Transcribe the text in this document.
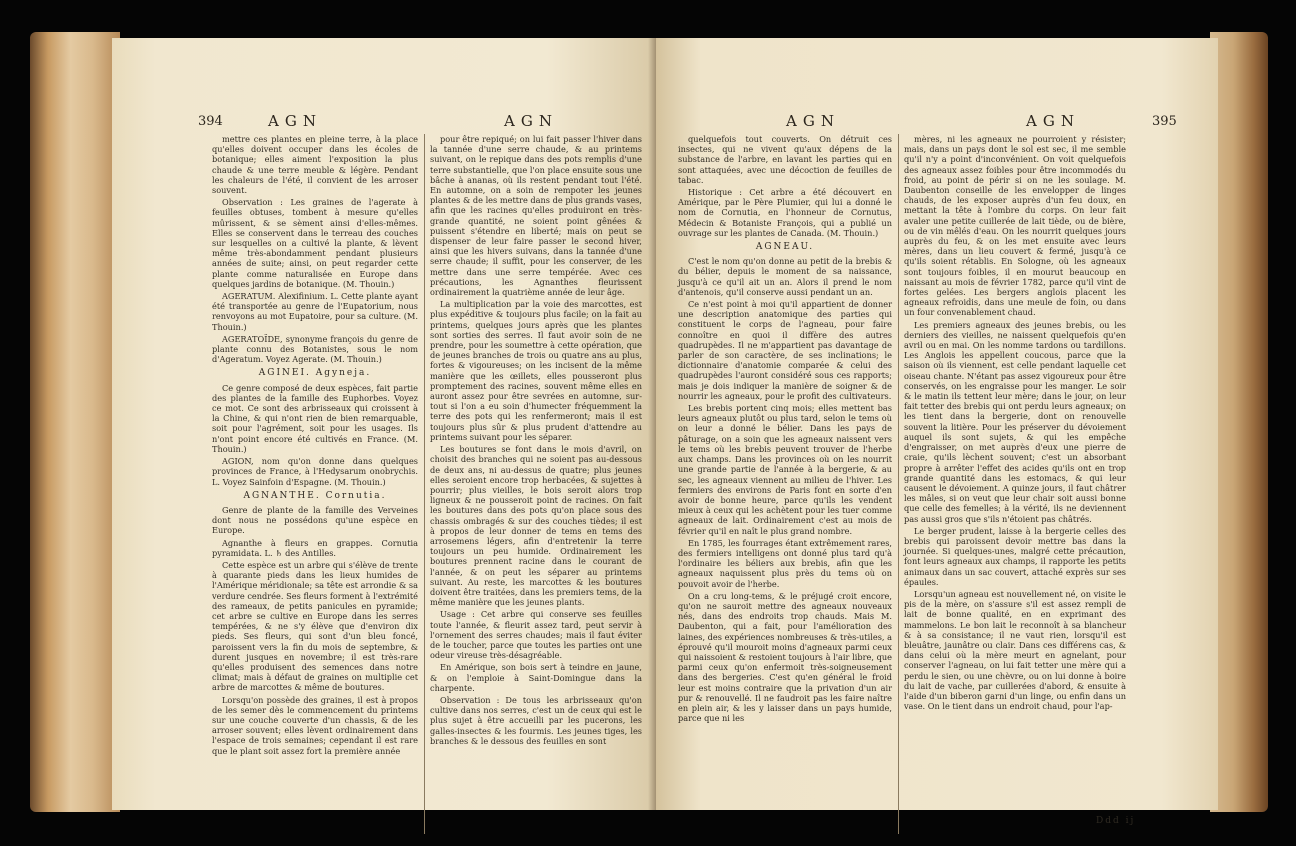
394	AGN	AGN

mettre ces plantes en pleine terre, à la place qu'elles doivent occuper dans les écoles de botanique; elles aiment l'exposition la plus chaude & une terre meuble & légère. Pendant les chaleurs de l'été, il convient de les arroser souvent.

Observation : Les graines de l'agerate à feuilles obtuses, tombent à mesure qu'elles mûrissent, & se sèment ainsi d'elles-mêmes. Elles se conservent dans le terreau des couches sur lesquelles on a cultivé la plante, & lèvent même très-abondamment pendant plusieurs années de suite; ainsi, on peut regarder cette plante comme naturalisée en Europe dans quelques jardins de botanique. (M. Thouin.)

AGERATUM. Alexifinium. L. Cette plante ayant été transportée au genre de l'Eupatorium, nous renvoyons au mot Eupatoire, pour sa culture. (M. Thouin.)

AGERATOÏDE, synonyme françois du genre de plante connu des Botanistes, sous le nom d'Ageratum. Voyez Agerate. (M. Thouin.)

AGINEI. Agyneja.

Ce genre composé de deux espèces, fait partie des plantes de la famille des Euphorbes. Voyez ce mot. Ce sont des arbrisseaux qui croissent à la Chine, & qui n'ont rien de bien remarquable, soit pour l'agrément, soit pour les usages. Ils n'ont point encore été cultivés en France. (M. Thouin.)

AGION, nom qu'on donne dans quelques provinces de France, à l'Hedysarum onobrychis. L. Voyez Sainfoin d'Espagne. (M. Thouin.)

AGNANTHE. Cornutia.

Genre de plante de la famille des Verveines dont nous ne possédons qu'une espèce en Europe.

Agnanthe à fleurs en grappes. Cornutia pyramidata. L. ♄ des Antilles.

Cette espèce est un arbre qui s'élève de trente à quarante pieds dans les lieux humides de l'Amérique méridionale; sa tête est arrondie & sa verdure cendrée. Ses fleurs forment à l'extrémité des rameaux, de petits panicules en pyramide; cet arbre se cultive en Europe dans les serres tempérées, & ne s'y élève que d'environ dix pieds. Ses fleurs, qui sont d'un bleu foncé, paroissent vers la fin du mois de septembre, & durent jusques en novembre; il est très-rare qu'elles produisent des semences dans notre climat; mais à défaut de graines on multiplie cet arbre de marcottes & même de boutures.

Lorsqu'on possède des graines, il est à propos de les semer dès le commencement du printems sur une couche couverte d'un chassis, & de les arroser souvent; elles lèvent ordinairement dans l'espace de trois semaines; cependant il est rare que le plant soit assez fort la première année

pour être repiqué; on lui fait passer l'hiver dans la tannée d'une serre chaude, & au printems suivant, on le repique dans des pots remplis d'une terre substantielle, que l'on place ensuite sous une bâche à ananas, où ils restent pendant tout l'été. En automne, on a soin de rempoter les jeunes plantes & de les mettre dans de plus grands vases, afin que les racines qu'elles produiront en très-grande quantité, ne soient point gênées & puissent s'étendre en liberté; mais on peut se dispenser de leur faire passer le second hiver, ainsi que les hivers suivans, dans la tannée d'une serre chaude; il suffit, pour les conserver, de les mettre dans une serre tempérée. Avec ces précautions, les Agnanthes fleurissent ordinairement la quatrième année de leur âge.

La multiplication par la voie des marcottes, est plus expéditive & toujours plus facile; on la fait au printems, quelques jours après que les plantes sont sorties des serres. Il faut avoir soin de ne prendre, pour les soumettre à cette opération, que de jeunes branches de trois ou quatre ans au plus, fortes & vigoureuses; on les incisent de la même manière que les œillets, elles pousseront plus promptement des racines, souvent même elles en auront assez pour être sevrées en automne, sur-tout si l'on a eu soin d'humecter fréquemment la terre des pots qui les renfermeront; mais il est toujours plus sûr & plus prudent d'attendre au printems suivant pour les séparer.

Les boutures se font dans le mois d'avril, on choisit des branches qui ne soient pas au-dessous de deux ans, ni au-dessus de quatre; plus jeunes elles seroient encore trop herbacées, & sujettes à pourrir; plus vieilles, le bois seroit alors trop ligneux & ne pousseroit point de racines. On fait les boutures dans des pots qu'on place sous des chassis ombragés & sur des couches tièdes; il est à propos de leur donner de tems en tems des arrosemens légers, afin d'entretenir la terre toujours un peu humide. Ordinairement les boutures prennent racine dans le courant de l'année, & on peut les séparer au printems suivant. Au reste, les marcottes & les boutures doivent être traitées, dans les premiers tems, de la même manière que les jeunes plants.

Usage : Cet arbre qui conserve ses feuilles toute l'année, & fleurit assez tard, peut servir à l'ornement des serres chaudes; mais il faut éviter de le toucher, parce que toutes les parties ont une odeur vireuse très-désagréable.

En Amérique, son bois sert à teindre en jaune, & on l'emploie à Saint-Domingue dans la charpente.

Observation : De tous les arbrisseaux qu'on cultive dans nos serres, c'est un de ceux qui est le plus sujet à être accueilli par les pucerons, les galles-insectes & les fourmis. Les jeunes tiges, les branches & le dessous des feuilles en sont

AGN	AGN	395

quelquefois tout couverts. On détruit ces insectes, qui ne vivent qu'aux dépens de la substance de l'arbre, en lavant les parties qui en sont attaquées, avec une décoction de feuilles de tabac.

Historique : Cet arbre a été découvert en Amérique, par le Père Plumier, qui lui a donné le nom de Cornutia, en l'honneur de Cornutus, Médecin & Botaniste François, qui a publié un ouvrage sur les plantes de Canada. (M. Thouin.)

AGNEAU.

C'est le nom qu'on donne au petit de la brebis & du bélier, depuis le moment de sa naissance, jusqu'à ce qu'il ait un an. Alors il prend le nom d'antenois, qu'il conserve aussi pendant un an.

Ce n'est point à moi qu'il appartient de donner une description anatomique des parties qui constituent le corps de l'agneau, pour faire connoître en quoi il diffère des autres quadrupèdes. Il ne m'appartient pas davantage de parler de son caractère, de ses inclinations; le dictionnaire d'anatomie comparée & celui des quadrupèdes l'auront considéré sous ces rapports; mais je dois indiquer la manière de soigner & de nourrir les agneaux, pour le profit des cultivateurs.

Les brebis portent cinq mois; elles mettent bas leurs agneaux plutôt ou plus tard, selon le tems où on leur a donné le bélier. Dans les pays de pâturage, on a soin que les agneaux naissent vers le tems où les brebis peuvent trouver de l'herbe aux champs. Dans les provinces où on les nourrit une grande partie de l'année à la bergerie, & au sec, les agneaux viennent au milieu de l'hiver. Les fermiers des environs de Paris font en sorte d'en avoir de bonne heure, parce qu'ils les vendent mieux à ceux qui les achètent pour les tuer comme agneaux de lait. Ordinairement c'est au mois de février qu'il en naît le plus grand nombre.

En 1785, les fourrages étant extrêmement rares, des fermiers intelligens ont donné plus tard qu'à l'ordinaire les béliers aux brebis, afin que les agneaux naquissent plus près du tems où on pouvoit avoir de l'herbe.

On a cru long-tems, & le préjugé croit encore, qu'on ne sauroit mettre des agneaux nouveaux nés, dans des endroits trop chauds. Mais M. Daubenton, qui a fait, pour l'amélioration des laines, des expériences nombreuses & très-utiles, a éprouvé qu'il mouroit moins d'agneaux parmi ceux qui naissoient & restoient toujours à l'air libre, que parmi ceux qu'on enfermoit très-soigneusement dans des bergeries. C'est qu'en général le froid leur est moins contraire que la privation d'un air pur & renouvellé. Il ne faudroit pas les faire naître en plein air, & les y laisser dans un pays humide, parce que ni les

mères, ni les agneaux ne pourroient y résister; mais, dans un pays dont le sol est sec, il me semble qu'il n'y a point d'inconvénient. On voit quelquefois des agneaux assez foibles pour être incommodés du froid, au point de périr si on ne les soulage. M. Daubenton conseille de les envelopper de linges chauds, de les exposer auprès d'un feu doux, en mettant la tête à l'ombre du corps. On leur fait avaler une petite cuillerée de lait tiède, ou de bière, ou de vin mêlés d'eau. On les nourrit quelques jours auprès du feu, & on les met ensuite avec leurs mères, dans un lieu couvert & fermé, jusqu'à ce qu'ils soient rétablis. En Sologne, où les agneaux sont toujours foibles, il en mourut beaucoup en naissant au mois de février 1782, parce qu'il vint de fortes gelées. Les bergers anglois placent les agneaux refroidis, dans une meule de foin, ou dans un four convenablement chaud.

Les premiers agneaux des jeunes brebis, ou les derniers des vieilles, ne naissent quelquefois qu'en avril ou en mai. On les nomme tardons ou tardillons. Les Anglois les appellent coucous, parce que la saison où ils viennent, est celle pendant laquelle cet oiseau chante. N'étant pas assez vigoureux pour être conservés, on les engraisse pour les manger. Le soir & le matin ils tettent leur mère; dans le jour, on leur fait tetter des brebis qui ont perdu leurs agneaux; on les tient dans la bergerie, dont on renouvelle souvent la litière. Pour les préserver du dévoiement auquel ils sont sujets, & qui les empêche d'engraisser, on met auprès d'eux une pierre de craie, qu'ils lèchent souvent; c'est un absorbant propre à arrêter l'effet des acides qu'ils ont en trop grande quantité dans les estomacs, & qui leur causent le dévoiement. A quinze jours, il faut châtrer les mâles, si on veut que leur chair soit aussi bonne que celle des femelles; à la vérité, ils ne deviennent pas aussi gros que s'ils n'étoient pas châtrés.

Le berger prudent, laisse à la bergerie celles des brebis qui paroissent devoir mettre bas dans la journée. Si quelques-unes, malgré cette précaution, font leurs agneaux aux champs, il rapporte les petits animaux dans un sac couvert, attaché exprès sur ses épaules.

Lorsqu'un agneau est nouvellement né, on visite le pis de la mère, on s'assure s'il est assez rempli de lait de bonne qualité, en en exprimant des mammelons. Le bon lait le reconnoît à sa blancheur & à sa consistance; il ne vaut rien, lorsqu'il est bleuâtre, jaunâtre ou clair. Dans ces différens cas, & dans celui où la mère meurt en agnelant, pour conserver l'agneau, on lui fait tetter une mère qui a perdu le sien, ou une chèvre, ou on lui donne à boire du lait de vache, par cuillerées d'abord, & ensuite à l'aide d'un biberon garni d'un linge, ou enfin dans un vase. On le tient dans un endroit chaud, pour l'ap-

Ddd ij
